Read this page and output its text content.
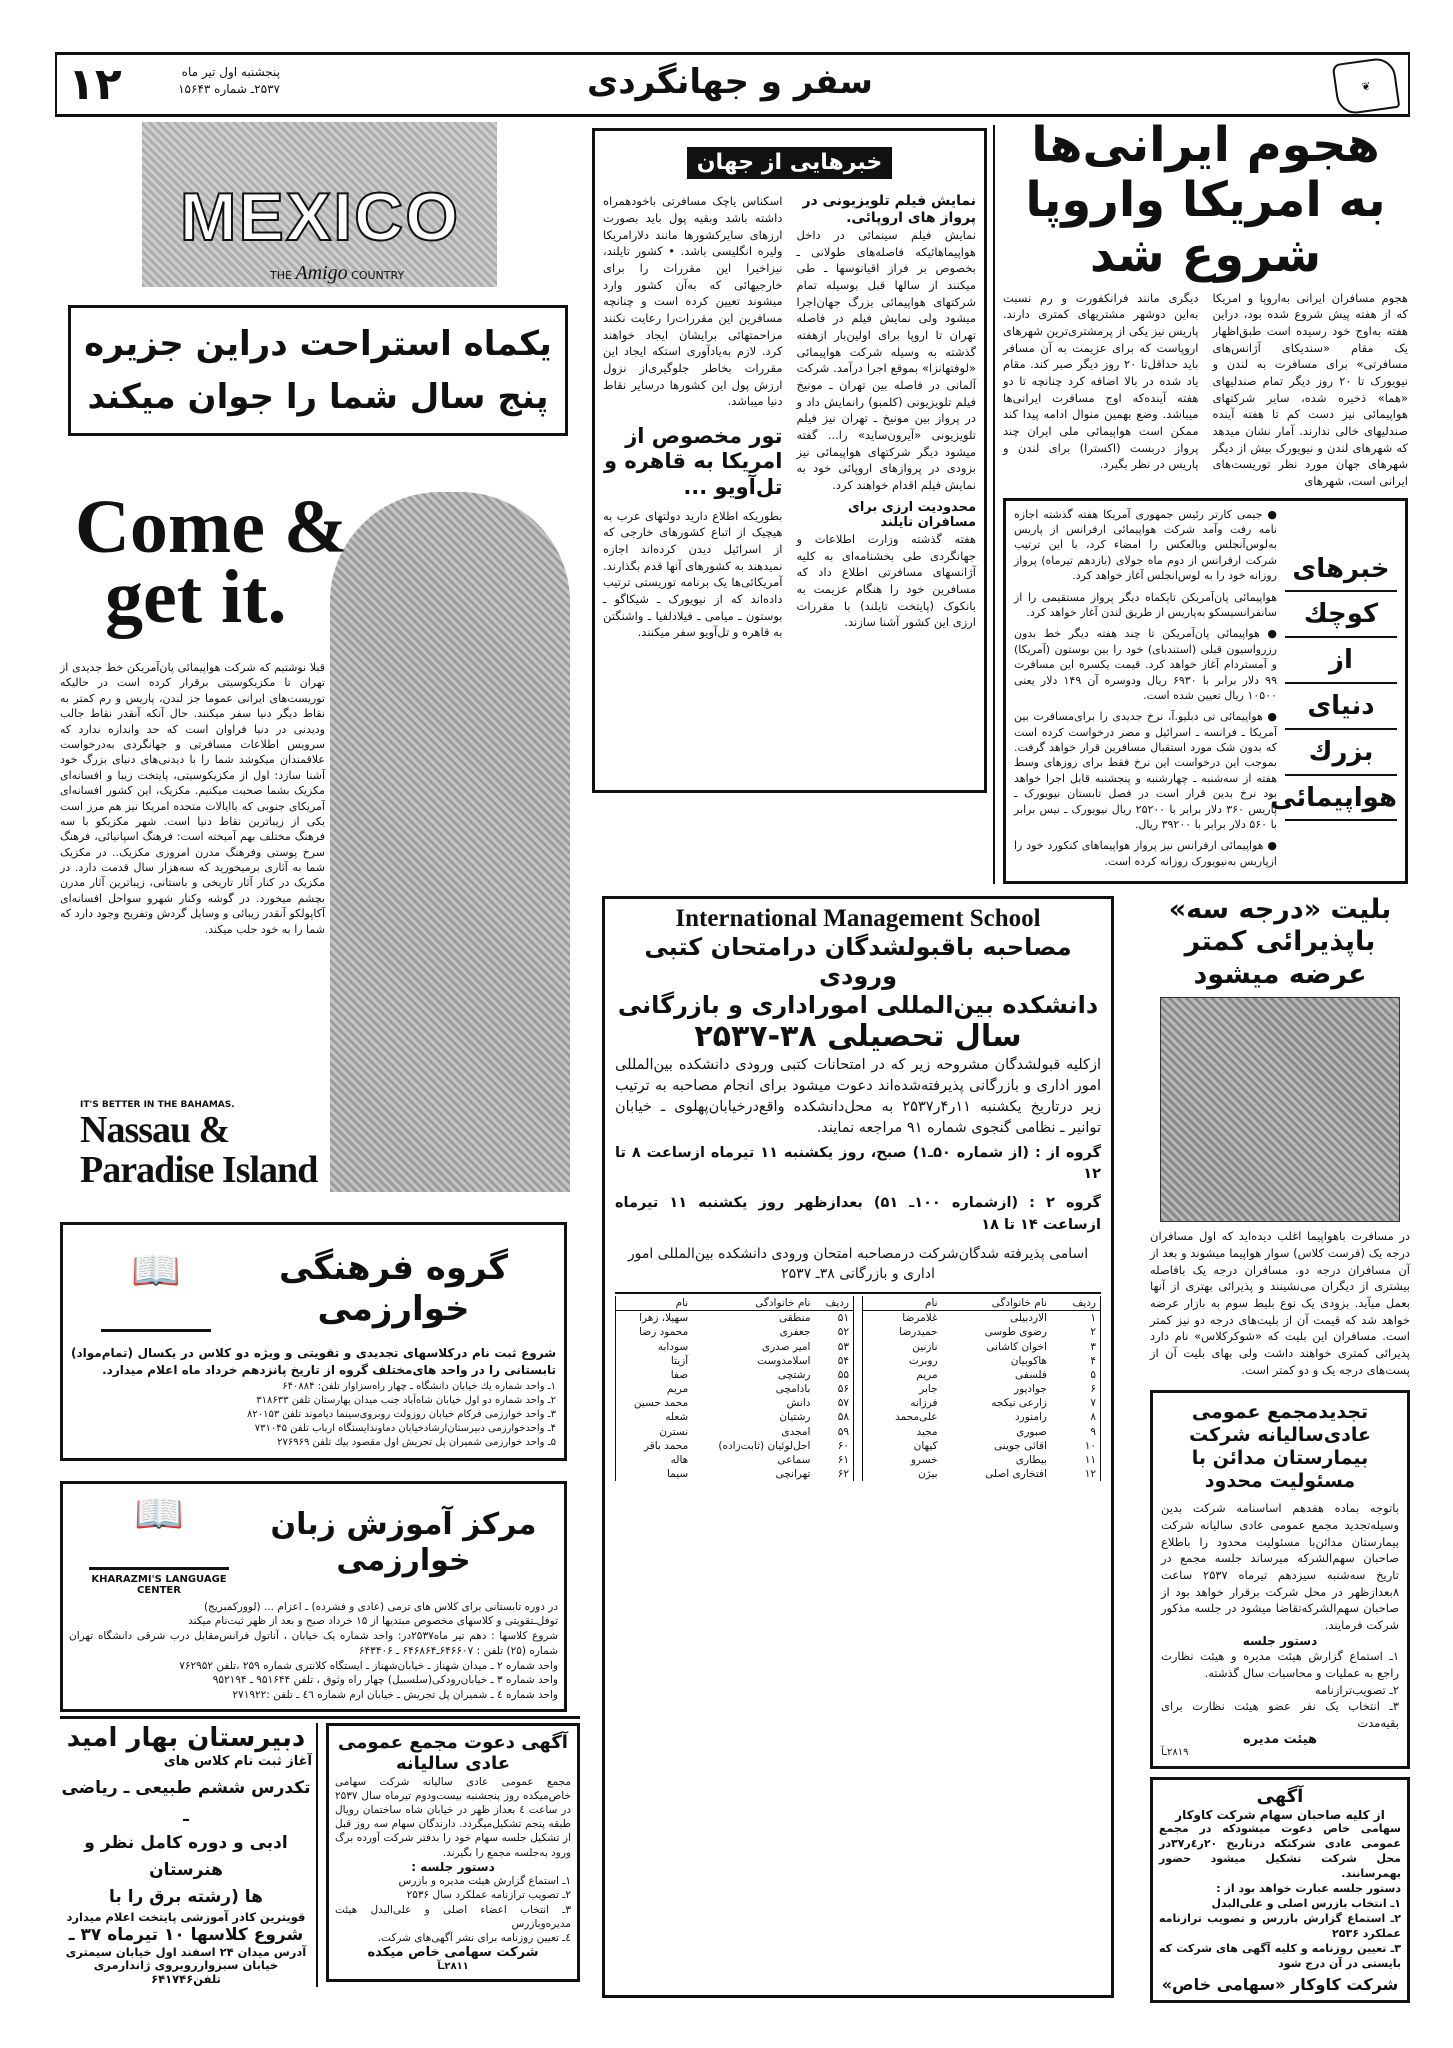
۱۲	پنجشنبه اول تیر ماه
۲۵۳۷ـ شماره ۱۵۶۴۳	سفر و جهانگردی	❦
هجوم ایرانی‌ها به امریکا واروپا شروع شد
هجوم مسافران ایرانی به‌اروپا و امریکا که از هفته پیش شروع شده بود، دراین هفته به‌اوج خود رسیده است طبق‌اظهار یک مقام «سندیکای آژانس‌های مسافرتی» برای مسافرت به لندن و نیویورک تا ۲۰ روز دیگر تمام صندلیهای «هما» ذخیره شده، سایر شرکتهای هواپیمائی نیز دست کم تا هفته آینده صندلیهای خالی ندارند. آمار نشان میدهد که شهرهای لندن و نیویورک بیش از دیگر شهرهای جهان مورد نظر توریست‌های ایرانی است، شهرهای
دیگری مانند فرانکفورت و رم نسبت به‌این دوشهر مشتریهای کمتری دارند. پاریس نیز یکی از پرمشتری‌ترین شهرهای اروپاست که برای عزیمت به آن مسافر باید حداقل‌تا ۲۰ روز دیگر صبر کند. مقام یاد شده در بالا اضافه کرد چنانچه تا دو هفته آینده‌که اوج مسافرت ایرانی‌ها میباشد. وضع بهمین منوال ادامه پیدا کند ممکن است هواپیمائی ملی ایران چند پرواز دربست (اکسترا) برای لندن و پاریس در نظر بگیرد.
خبرهای
کوچك
از
دنیای
بزرك
هواپیمائی
● جیمی کارتر رئیس جمهوری آمریکا هفته گذشته اجازه نامه رفت وآمد شرکت هواپیمائی ارفرانس از پاریس بەلوس‌آنجلس وبالعکس را امضاء کرد، با این ترتیب شرکت ارفرانس از دوم ماه جولای (یازدهم تیرماه) پرواز روزانه خود را به لوس‌انجلس آغاز خواهد کرد.
هواپیمائی پان‌آمریکن تاپکماه دیگر پرواز مستقیمی را از سانفرانسیسکو بەپاریس از طریق لندن آغاز خواهد کرد.
● هواپیمائی پان‌آمریکن تا چند هفته دیگر خط بدون رزرواسیون قبلی (استندبای) خود را بین بوستون (آمریکا) و آمستردام آغاز خواهد کرد. قیمت یکسره این مسافرت ۹۹ دلار برابر با ۶۹۳۰ ریال ودوسره آن ۱۴۹ دلار یعنی ۱۰۵۰۰ ریال تعیین شده است.
● هواپیمائی تی دبلیو.آ، نرخ جدیدی را برای‌مسافرت بین آمریکا ـ فرانسه ـ اسرائیل و مصر درخواست کرده است که بدون شک مورد استقبال مسافرین قرار خواهد گرفت. بموجب این درخواست این نرخ فقط برای روزهای وسط هفته از سه‌شنبه ـ چهارشنبه و پنجشنبه قابل اجرا خواهد بود نرخ بدین قرار است در فصل تابستان نیویورک ـ پاریس ۳۶۰ دلار برابر با ۲۵۲۰۰ ریال نیویورک ـ نیس برابر با ۵۶۰ دلار برابر با ۳۹۲۰۰ ریال.
● هواپیمائی ارفرانس نیز پرواز هواپیماهای کنکورد خود را ازپاریس بەنیویورک روزانه کرده است.
بلیت «درجه سه» باپذیرائی کمتر عرضه میشود
در مسافرت باهواپیما اغلب دیده‌اید که اول مسافران درجه یک (فرست کلاس) سوار هواپیما میشوند و بعد از آن مسافران درجه دو. مسافران درجه یک بافاصله بیشتری از دیگران می‌نشینند و پذیرائی بهتری از آنها بعمل میآید. بزودی یک نوع بلیط سوم به بازار عرضه خواهد شد که قیمت آن از بلیت‌های درجه دو نیز کمتر است. مسافران این بلیت که «شوکرکلاس» نام دارد پذیرائی کمتری خواهند داشت ولی بهای بلیت آن از پست‌های درجه یک و دو کمتر است.
تجدیدمجمع عمومی عادی‌سالیانه شرکت بیمارستان مدائن با مسئولیت محدود
باتوجه بماده هفدهم اساسنامه شرکت بدین وسیلەتجدید مجمع عمومی عادی سالیانه شرکت بیمارستان مدائن‌با مسئولیت محدود را باطلاع صاحبان سهم‌الشرکه میرساند جلسه مجمع در تاریخ سه‌شنبه سیزدهم تیرماه ۲۵۳۷ ساعت ۸بعدازظهر در محل شرکت برقرار خواهد بود از صاحبان سهم‌الشرکه‌تقاضا میشود در جلسه مذکور شرکت فرمایند.
دستور جلسه
۱ـ استماع گزارش هیئت مدیره و هیئت نظارت راجع به عملیات و محاسبات سال گذشته.
۲ـ تصویب‌ترازنامه
۳ـ انتخاب یک نفر عضو هیئت نظارت برای بقیه‌مدت
هیئت مدیره
۲۸۱۹ـآ
آگهی
از کلیه صاحبان سهام شرکت کاوکار
سهامی خاص دعوت میشودکه در مجمع عمومی عادی شرکتکه درتاریخ ۲۰ر٤ر۳۷در محل شرکت تشکیل میشود حضور بهمرسانند.
دستور جلسه عبارت خواهد بود از :
۱ـ انتخاب بازرس اصلی و علی‌البدل
۲ـ استماع گزارش بازرس و تصویب ترازنامه عملکرد ۲۵۳۶
۳ـ تعیین روزنامه و کلیه آگهی های شرکت که بایستی در آن درج شود
شرکت کاوکار «سهامی خاص»
خبرهایی از جهان
نمایش فیلم تلویزیونی در پرواز های اروپائی.
نمایش فیلم سینمائی در داخل هواپیماهائیکه فاصله‌های طولانی ـ بخصوص بر فراز اقیانوسها ـ طی میکنند از سالها قبل بوسیله تمام شرکتهای هواپیمائی بزرگ جهان‌اجرا میشود ولی نمایش فیلم در فاصله تهران تا اروپا برای اولین‌بار ازهفته گذشته به وسیله شرکت هواپیمائی «لوفتهانزا» بموقع اجرا درآمد. شرکت آلمانی در فاصله بین تهران ـ مونیخ فیلم تلویزیونی (کلمبو) رانمایش داد و در پرواز بین مونیخ ـ تهران نیز فیلم تلویزیونی «آیرون‌ساید» را... گفته میشود دیگر شرکتهای هواپیمائی نیز بزودی در پروازهای اروپائی خود به نمایش فیلم اقدام خواهند کرد.
محدودیت ارزی برای مسافران تایلند
هفته گذشته وزارت اطلاعات و جهانگردی طی بخشنامه‌ای به کلیه آژانسهای مسافرتی اطلاع داد که مسافرین خود را هنگام عزیمت به بانکوک (پایتخت تایلند) با مقررات ارزی این کشور آشنا سازند.
اسکناس یاچک مسافرتی باخودهمراه داشته باشد وبقیه پول باید بصورت ارزهای سایرکشورها مانند دلارامریکا ولیره انگلیسی باشد. • کشور تایلند، نیزاخیرا این مقررات را برای خارجیهائی که به‌آن کشور وارد میشوند تعیین کرده است و چنانچه مسافرین این مقررات‌را رعایت نکنند مزاحمتهائی برایشان ایجاد خواهند کرد. لازم به‌یادآوری استکه ایجاد این مقررات بخاطر جلوگیری‌از نزول ارزش پول این کشورها درسایر نقاط دنیا میباشد.
تور مخصوص از امریکا به قاهره و تل‌آویو ...
بطوریکه اطلاع دارید دولتهای عرب به هیچیک از اتباع کشورهای خارجی که از اسرائیل دیدن کرده‌اند اجازه نمیدهند به کشورهای آنها قدم بگذارند. آمریکائی‌ها یک برنامه توریستی ترتیب داده‌اند که از نیویورک ـ شیکاگو ـ بوستون ـ میامی ـ فیلادلفیا ـ واشنگتن به قاهره و تل‌آویو سفر میکنند.
International Management School
مصاحبه باقبولشدگان درامتحان کتبی ورودی
دانشکده بین‌المللی اموراداری و بازرگانی
سال تحصیلی ۳۸-۲۵۳۷
ازکلیه قبولشدگان مشروحه زیر که در امتحانات کتبی ورودی دانشکده بین‌المللی امور اداری و بازرگانی پذیرفته‌شده‌اند دعوت میشود برای انجام مصاحبه به ترتیب زیر درتاریخ یکشنبه ۱۱ر۴ر۲۵۳۷ به محل‌دانشکده واقع‌درخیابان‌پهلوی ـ خیابان توانیر ـ نظامی گنجوی شماره ۹۱ مراجعه نمایند.
گروه از : (از شماره ۵۰ـ۱) صبح، روز یکشنبه ۱۱ تیرماه ازساعت ۸ تا ۱۲
گروه ۲ : (ازشماره ۱۰۰ـ ۵۱) بعدازظهر روز یکشنبه ۱۱ تیرماه ازساعت ۱۴ تا ۱۸
اسامی پذیرفته شدگان‌شرکت درمصاحبه امتحان ورودی دانشکده بین‌المللی امور اداری و بازرگانی ۳۸ـ ۲۵۳۷
ردیف	نام خانوادگی	نام
۱	الاردبیلی	غلامرضا
۲	رضوی طوسی	حمیدرضا
۳	اخوان کاشانی	نازنین
۴	هاکوبیان	روبرت
۵	فلسفی	مریم
۶	جوادپور	جابر
۷	زارعی نیکجه	فرزانه
۸	رامنورد	علی‌محمد
۹	صبوری	مجید
۱۰	اقائی جوینی	کیهان
۱۱	بیطاری	خسرو
۱۲	افتخاری اصلی	بیژن
ردیف	نام خانوادگی	نام
۵۱	منطقی	سهیلا، زهرا
۵۲	جعفری	محمود رضا
۵۳	امیر صدری	سودابه
۵۴	اسلامدوست	آزیتا
۵۵	رشتچی	صفا
۵۶	بادامچی	مریم
۵۷	دانش	محمد حسین
۵۸	رشتیان	شعله
۵۹	امجدی	نسترن
۶۰	اجل‌لوئیان (ثابت‌زاده)	محمد باقر
۶۱	سماعی	هاله
۶۲	تهرانچی	سیما
MEXICO
THE Amigo COUNTRY
یکماه استراحت دراین جزیره
پنج سال شما را جوان میکند
Come &
get it.
قبلا نوشتیم که شرکت هواپیمائی پان‌آمریکن خط جدیدی از تهران تا مکزیکوسیتی برقرار کرده است در حالیکه توریست‌های ایرانی عموما جز لندن، پاریس و رم کمتر به نقاط دیگر دنیا سفر میکنند. حال آنکه آنقدر نقاط جالب ودیدنی در دنیا فراوان است که حد واندازه ندارد که سرویس اطلاعات مسافرتی و جهانگردی به‌درخواست علاقمندان میکوشد شما را با دیدنی‌های دنیای بزرگ خود آشنا سازد: اول از مکزیکوسیتی، پایتخت زیبا و افسانه‌ای مکزیک بشما صحبت میکنیم. مکزیک، این کشور افسانه‌ای آمریکای جنوبی که باایالات متحده امریکا نیز هم مرز است یکی از زیباترین نقاط دنیا است. شهر مکزیکو با سه فرهنگ مختلف بهم آمیخته است: فرهنگ اسپانیائی، فرهنگ سرخ پوستی وفرهنگ مدرن امروزی مکزیک.. در مکزیک شما به آثاری برمیخورید که سه‌هزار سال قدمت دارد. در مکزیک در کنار آثار تاریخی و باستانی، زیباترین آثار مدرن بچشم میخورد. در گوشه وکنار شهرو سواحل افسانه‌ای آکاپولکو آنقدر زیبائی و وسایل گردش وتفریح وجود دارد که شما را به خود جلب میکند.
IT'S BETTER IN THE BAHAMAS.
Nassau &
Paradise Island
📖	گروه فرهنگی خوارزمی
شروع ثبت نام درکلاسهای تجدیدی و تقویتی و ویژه دو کلاس در یکسال (تمام‌مواد) تابستانی را در واحد های‌مختلف گروه از تاریخ پانزدهم خرداد ماه اعلام میدارد.
۱ـ واحد شماره یك خیابان دانشگاه ـ چهار راه‌سزاوار تلفن: ۶۴۰۸۸۴
۲ـ واحد شماره دو اول خیابان شاه‌آباد جنب میدان بهارستان تلفن ۳۱۸۶۳۳
۳ـ واحد خوارزمی فرکام خیابان روزولت روبروی‌سینما دیاموند تلفن ۸۲۰۱۵۳
۴ـ واحدخوارزمی دبیرستان‌ارشاد‌خیابان دماوند‌ایستگاه ارباب تلفن ۷۳۱۰۴۵
۵ـ واحد خوارزمی شمیران پل تجریش اول مقصود بیك تلفن ۲۷۶۹۶۹
📖
KHARAZMI'S LANGUAGE
CENTER
مرکز آموزش زبان خوارزمی
در دوره تابستانی برای کلاس های ترمی (عادی و فشرده) ـ اعزام ... (لوورکمبریج)
توفل‌ـتقویتی و کلاسهای مخصوص مبتدیها از ۱۵ خرداد صبح و بعد از ظهر ثبت‌نام میکند
شروع کلاسها : دهم تیر ماه۲۵۳۷در: واحد شماره یک خیابان ، آناتول فرانس‌مقابل درب شرقی دانشگاه تهران شماره (۲۵) تلفن : ۶۴۶۶۰۷ـ۶۴۶۸۶۴ ـ ۶۴۳۴۰۶
واحد شماره ۲ ـ میدان شهناز ـ خیابان‌شهناز ـ ایستگاه کلانتری شماره ۲۵۹ ،تلفن ۷۶۲۹۵۲
واحد شماره ۳ ـ خیابان‌رودکی(سلسبیل) چهار راه وثوق ، تلفن ۹۵۱۶۴۴ ـ ۹۵۲۱۹۴
واحد شماره ٤ ـ شمیران پل تجریش ـ خیابان ارم شماره ٤٦ ـ تلفن :۲۷۱۹۲۲
دبیرستان بهار امید
آغاز ثبت نام کلاس های
تکدرس ششم طبیعی ـ ریاضی ـ
ادبی و دوره کامل نظر و هنرستان
ها (رشته برق را با
قویترین کادر آموزشی پایتخت اعلام میدارد
شروع کلاسها ۱۰ تیرماه ۳۷ ـ
آدرس میدان ۲۴ اسفند اول خیابان سیمتری خیابان سبزواررو‌بروی ژاندارمری تلفن۶۴۱۷۴۶
آگهی دعوت مجمع عمومی عادی سالیانه
مجمع عمومی عادی سالیانه شرکت سهامی خاص‌میکده روز پنجشنبه بیست‌ودوم تیرماه سال ۲۵۳۷ در ساعت ٤ بعداز ظهر در خیابان شاه ساختمان رویال طبقه پنجم تشکیل‌میگردد. دارندگان سهام سه روز قبل از تشکیل جلسه سهام خود را بدفتر شرکت آورده برگ ورود به‌جلسه مجمع را بگیرند.
دستور جلسه :
۱ـ استماع گزارش هیئت مدیره و بازرس
۲ـ تصویب ترازنامه عملکرد سال ۲۵۳۶
۳ـ انتخاب اعضاء اصلی و علی‌البدل هیئت مدیره‌و‌بازرس
٤ـ تعیین روزنامه برای نشر آگهی‌های شرکت.
شرکت سهامی خاص میکده
۲۸۱۱ـآ
